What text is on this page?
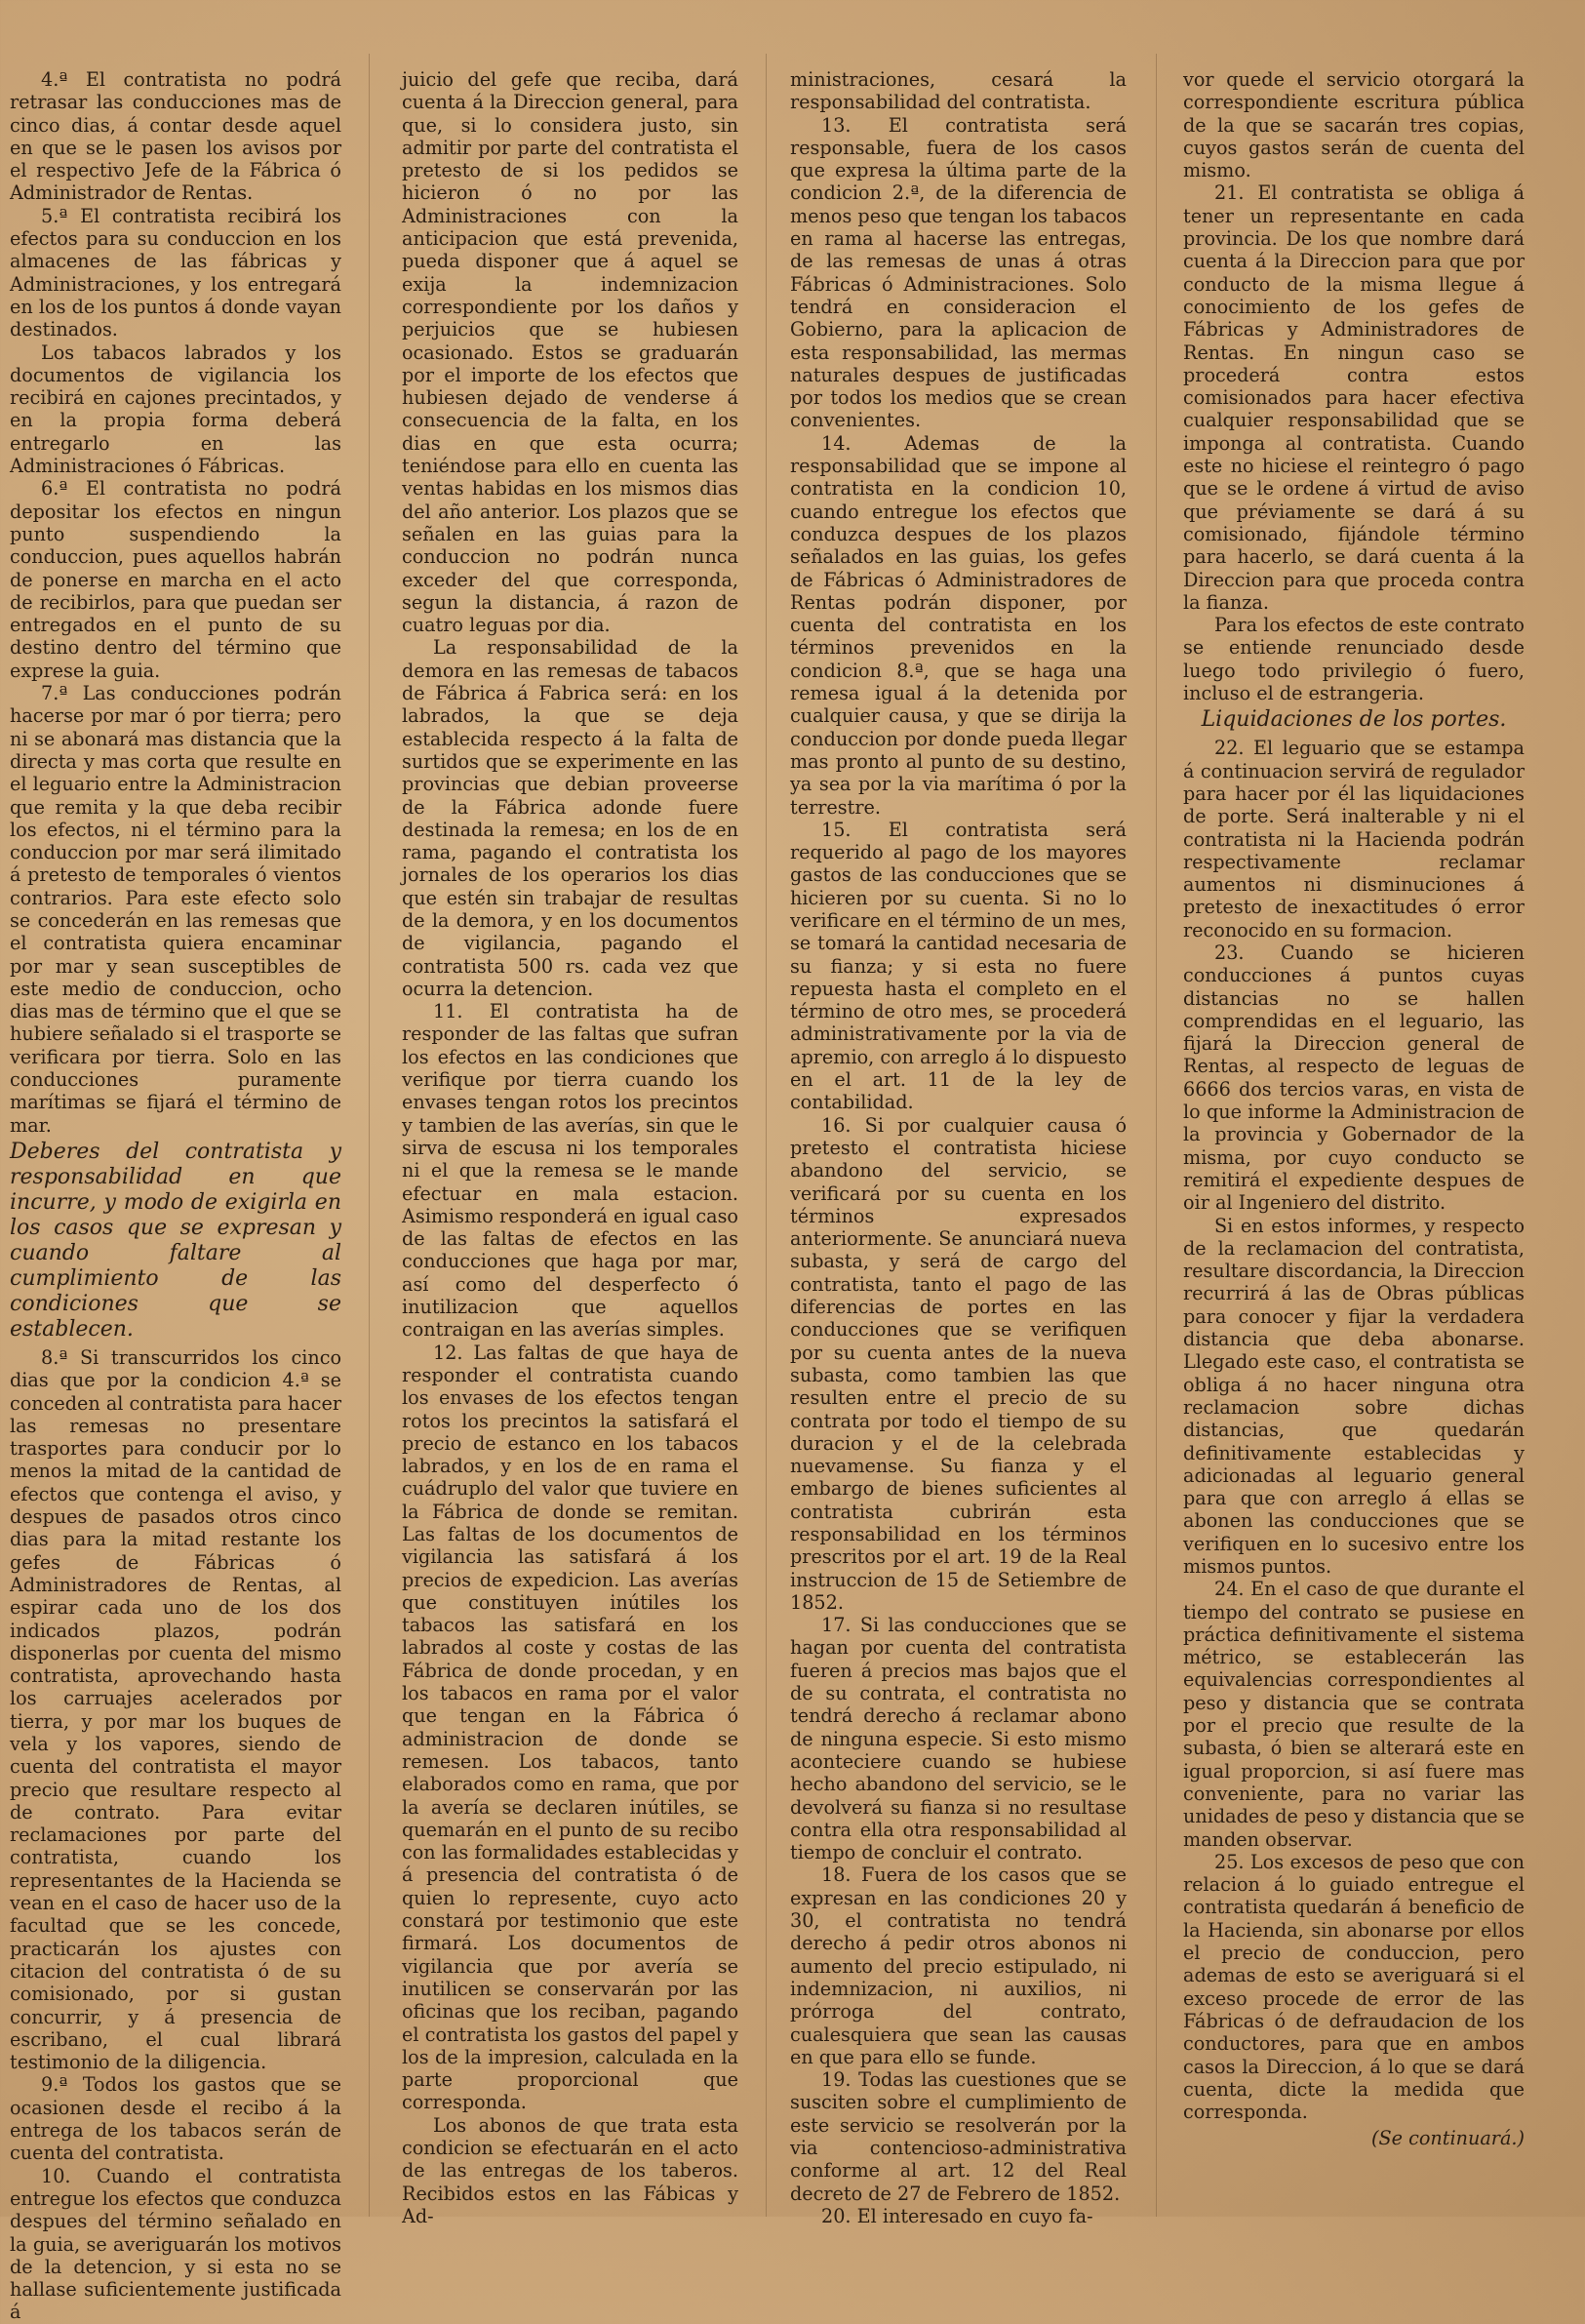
4.ª El contratista no podrá retrasar las conducciones mas de cinco dias, á contar desde aquel en que se le pasen los avisos por el respectivo Jefe de la Fábrica ó Administrador de Rentas.

5.ª El contratista recibirá los efectos para su conduccion en los almacenes de las fábricas y Administraciones, y los entregará en los de los puntos á donde vayan destinados.

Los tabacos labrados y los documentos de vigilancia los recibirá en cajones precintados, y en la propia forma deberá entregarlo en las Administraciones ó Fábricas.

6.ª El contratista no podrá depositar los efectos en ningun punto suspendiendo la conduccion, pues aquellos habrán de ponerse en marcha en el acto de recibirlos, para que puedan ser entregados en el punto de su destino dentro del término que exprese la guia.

7.ª Las conducciones podrán hacerse por mar ó por tierra; pero ni se abonará mas distancia que la directa y mas corta que resulte en el leguario entre la Administracion que remita y la que deba recibir los efectos, ni el término para la conduccion por mar será ilimitado á pretesto de temporales ó vientos contrarios. Para este efecto solo se concederán en las remesas que el contratista quiera encaminar por mar y sean susceptibles de este medio de conduccion, ocho dias mas de término que el que se hubiere señalado si el trasporte se verificara por tierra. Solo en las conducciones puramente marítimas se fijará el término de mar.

Deberes del contratista y responsabilidad en que incurre, y modo de exigirla en los casos que se expresan y cuando faltare al cumplimiento de las condiciones que se establecen.

8.ª Si transcurridos los cinco dias que por la condicion 4.ª se conceden al contratista para hacer las remesas no presentare trasportes para conducir por lo menos la mitad de la cantidad de efectos que contenga el aviso, y despues de pasados otros cinco dias para la mitad restante los gefes de Fábricas ó Administradores de Rentas, al espirar cada uno de los dos indicados plazos, podrán disponerlas por cuenta del mismo contratista, aprovechando hasta los carruajes acelerados por tierra, y por mar los buques de vela y los vapores, siendo de cuenta del contratista el mayor precio que resultare respecto al de contrato. Para evitar reclamaciones por parte del contratista, cuando los representantes de la Hacienda se vean en el caso de hacer uso de la facultad que se les concede, practicarán los ajustes con citacion del contratista ó de su comisionado, por si gustan concurrir, y á presencia de escribano, el cual librará testimonio de la diligencia.

9.ª Todos los gastos que se ocasionen desde el recibo á la entrega de los tabacos serán de cuenta del contratista.

10. Cuando el contratista entregue los efectos que conduzca despues del término señalado en la guia, se averiguarán los motivos de la detencion, y si esta no se hallase suficientemente justificada á

juicio del gefe que reciba, dará cuenta á la Direccion general, para que, si lo considera justo, sin admitir por parte del contratista el pretesto de si los pedidos se hicieron ó no por las Administraciones con la anticipacion que está prevenida, pueda disponer que á aquel se exija la indemnizacion correspondiente por los daños y perjuicios que se hubiesen ocasionado. Estos se graduarán por el importe de los efectos que hubiesen dejado de venderse á consecuencia de la falta, en los dias en que esta ocurra; teniéndose para ello en cuenta las ventas habidas en los mismos dias del año anterior. Los plazos que se señalen en las guias para la conduccion no podrán nunca exceder del que corresponda, segun la distancia, á razon de cuatro leguas por dia.

La responsabilidad de la demora en las remesas de tabacos de Fábrica á Fabrica será: en los labrados, la que se deja establecida respecto á la falta de surtidos que se experimente en las provincias que debian proveerse de la Fábrica adonde fuere destinada la remesa; en los de en rama, pagando el contratista los jornales de los operarios los dias que estén sin trabajar de resultas de la demora, y en los documentos de vigilancia, pagando el contratista 500 rs. cada vez que ocurra la detencion.

11. El contratista ha de responder de las faltas que sufran los efectos en las condiciones que verifique por tierra cuando los envases tengan rotos los precintos y tambien de las averías, sin que le sirva de escusa ni los temporales ni el que la remesa se le mande efectuar en mala estacion. Asimismo responderá en igual caso de las faltas de efectos en las conducciones que haga por mar, así como del desperfecto ó inutilizacion que aquellos contraigan en las averías simples.

12. Las faltas de que haya de responder el contratista cuando los envases de los efectos tengan rotos los precintos la satisfará el precio de estanco en los tabacos labrados, y en los de en rama el cuádruplo del valor que tuviere en la Fábrica de donde se remitan. Las faltas de los documentos de vigilancia las satisfará á los precios de expedicion. Las averías que constituyen inútiles los tabacos las satisfará en los labrados al coste y costas de las Fábrica de donde procedan, y en los tabacos en rama por el valor que tengan en la Fábrica ó administracion de donde se remesen. Los tabacos, tanto elaborados como en rama, que por la avería se declaren inútiles, se quemarán en el punto de su recibo con las formalidades establecidas y á presencia del contratista ó de quien lo represente, cuyo acto constará por testimonio que este firmará. Los documentos de vigilancia que por avería se inutilicen se conservarán por las oficinas que los reciban, pagando el contratista los gastos del papel y los de la impresion, calculada en la parte proporcional que corresponda.

Los abonos de que trata esta condicion se efectuarán en el acto de las entregas de los taberos. Recibidos estos en las Fábicas y Ad-

ministraciones, cesará la responsabilidad del contratista.

13. El contratista será responsable, fuera de los casos que expresa la última parte de la condicion 2.ª, de la diferencia de menos peso que tengan los tabacos en rama al hacerse las entregas, de las remesas de unas á otras Fábricas ó Administraciones. Solo tendrá en consideracion el Gobierno, para la aplicacion de esta responsabilidad, las mermas naturales despues de justificadas por todos los medios que se crean convenientes.

14. Ademas de la responsabilidad que se impone al contratista en la condicion 10, cuando entregue los efectos que conduzca despues de los plazos señalados en las guias, los gefes de Fábricas ó Administradores de Rentas podrán disponer, por cuenta del contratista en los términos prevenidos en la condicion 8.ª, que se haga una remesa igual á la detenida por cualquier causa, y que se dirija la conduccion por donde pueda llegar mas pronto al punto de su destino, ya sea por la via marítima ó por la terrestre.

15. El contratista será requerido al pago de los mayores gastos de las conducciones que se hicieren por su cuenta. Si no lo verificare en el término de un mes, se tomará la cantidad necesaria de su fianza; y si esta no fuere repuesta hasta el completo en el término de otro mes, se procederá administrativamente por la via de apremio, con arreglo á lo dispuesto en el art. 11 de la ley de contabilidad.

16. Si por cualquier causa ó pretesto el contratista hiciese abandono del servicio, se verificará por su cuenta en los términos expresados anteriormente. Se anunciará nueva subasta, y será de cargo del contratista, tanto el pago de las diferencias de portes en las conducciones que se verifiquen por su cuenta antes de la nueva subasta, como tambien las que resulten entre el precio de su contrata por todo el tiempo de su duracion y el de la celebrada nuevamense. Su fianza y el embargo de bienes suficientes al contratista cubrirán esta responsabilidad en los términos prescritos por el art. 19 de la Real instruccion de 15 de Setiembre de 1852.

17. Si las conducciones que se hagan por cuenta del contratista fueren á precios mas bajos que el de su contrata, el contratista no tendrá derecho á reclamar abono de ninguna especie. Si esto mismo aconteciere cuando se hubiese hecho abandono del servicio, se le devolverá su fianza si no resultase contra ella otra responsabilidad al tiempo de concluir el contrato.

18. Fuera de los casos que se expresan en las condiciones 20 y 30, el contratista no tendrá derecho á pedir otros abonos ni aumento del precio estipulado, ni indemnizacion, ni auxilios, ni prórroga del contrato, cualesquiera que sean las causas en que para ello se funde.

19. Todas las cuestiones que se susciten sobre el cumplimiento de este servicio se resolverán por la via contencioso-administrativa conforme al art. 12 del Real decreto de 27 de Febrero de 1852.

20. El interesado en cuyo fa-

vor quede el servicio otorgará la correspondiente escritura pública de la que se sacarán tres copias, cuyos gastos serán de cuenta del mismo.

21. El contratista se obliga á tener un representante en cada provincia. De los que nombre dará cuenta á la Direccion para que por conducto de la misma llegue á conocimiento de los gefes de Fábricas y Administradores de Rentas. En ningun caso se procederá contra estos comisionados para hacer efectiva cualquier responsabilidad que se imponga al contratista. Cuando este no hiciese el reintegro ó pago que se le ordene á virtud de aviso que préviamente se dará á su comisionado, fijándole término para hacerlo, se dará cuenta á la Direccion para que proceda contra la fianza.

Para los efectos de este contrato se entiende renunciado desde luego todo privilegio ó fuero, incluso el de estrangeria.

Liquidaciones de los portes.

22. El leguario que se estampa á continuacion servirá de regulador para hacer por él las liquidaciones de porte. Será inalterable y ni el contratista ni la Hacienda podrán respectivamente reclamar aumentos ni disminuciones á pretesto de inexactitudes ó error reconocido en su formacion.

23. Cuando se hicieren conducciones á puntos cuyas distancias no se hallen comprendidas en el leguario, las fijará la Direccion general de Rentas, al respecto de leguas de 6666 dos tercios varas, en vista de lo que informe la Administracion de la provincia y Gobernador de la misma, por cuyo conducto se remitirá el expediente despues de oir al Ingeniero del distrito.

Si en estos informes, y respecto de la reclamacion del contratista, resultare discordancia, la Direccion recurrirá á las de Obras públicas para conocer y fijar la verdadera distancia que deba abonarse. Llegado este caso, el contratista se obliga á no hacer ninguna otra reclamacion sobre dichas distancias, que quedarán definitivamente establecidas y adicionadas al leguario general para que con arreglo á ellas se abonen las conducciones que se verifiquen en lo sucesivo entre los mismos puntos.

24. En el caso de que durante el tiempo del contrato se pusiese en práctica definitivamente el sistema métrico, se establecerán las equivalencias correspondientes al peso y distancia que se contrata por el precio que resulte de la subasta, ó bien se alterará este en igual proporcion, si así fuere mas conveniente, para no variar las unidades de peso y distancia que se manden observar.

25. Los excesos de peso que con relacion á lo guiado entregue el contratista quedarán á beneficio de la Hacienda, sin abonarse por ellos el precio de conduccion, pero ademas de esto se averiguará si el exceso procede de error de las Fábricas ó de defraudacion de los conductores, para que en ambos casos la Direccion, á lo que se dará cuenta, dicte la medida que corresponda.

(Se continuará.)
